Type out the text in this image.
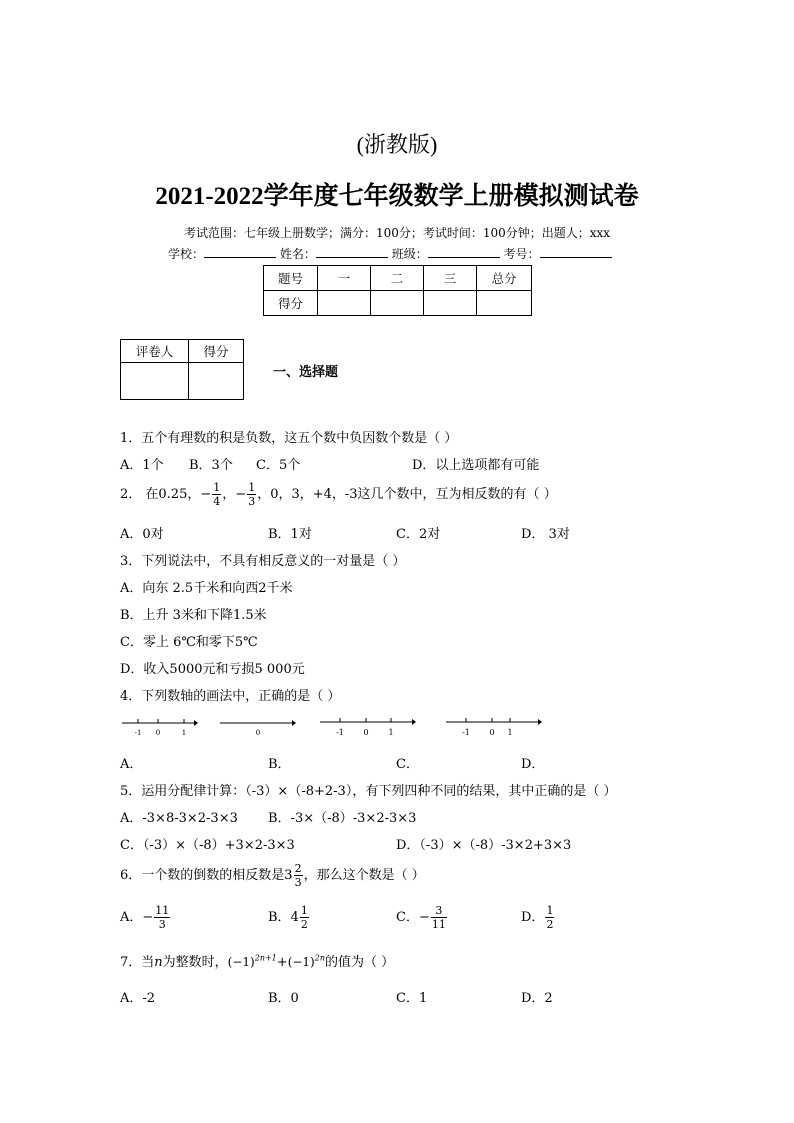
(浙教版)
2021-2022学年度七年级数学上册模拟测试卷
考试范围：七年级上册数学；满分：100分；考试时间：100分钟；出题人；xxx
学校：	姓名：	班级：	考号：
题号	一	二	三	总分
得分				
评卷人	得分

一、选择题
1．五个有理数的积是负数，这五个数中负因数个数是（ ）
A．1个 B．3个 C．5个	D．以上选项都有可能
2． 在0.25，− $\frac{1}{4}$ ，− $\frac{1}{3}$ ，0，3，+4，-3这几个数中，互为相反数的有（ ）
A．0对	B．1对	C．2对	D． 3对
3．下列说法中，不具有相反意义的一对量是（ ）
A．向东 2.5千米和向西2千米
B．上升 3米和下降1.5米
C．零上 6℃和零下5℃
D．收入5000元和亏损5 000元
4．下列数轴的画法中，正确的是（ ）
-1 0	1	0	-1 0 1	-1 0 1
A．	B．	C．	D．
5．运用分配律计算：（-3）×（-8+2-3），有下列四种不同的结果，其中正确的是（ ）
A．-3×8-3×2-3×3 B．-3×（-8）-3×2-3×3
C．（-3）×（-8）+3×2-3×3	D．（-3）×（-8）-3×2+3×3
6．一个数的倒数的相反数是$3 \frac{2}{3}$ ，那么这个数是（ ）
A．− $\frac{11}{3}$	B．$4 \frac{1}{2}$	C．− $\frac{3}{11}$	D． $\frac{1}{2}$
7．当n为整数时，$(-1)^{2n+1}+(-1)^{2n}$的值为（ ）
A．-2	B．0	C．1	D．2
